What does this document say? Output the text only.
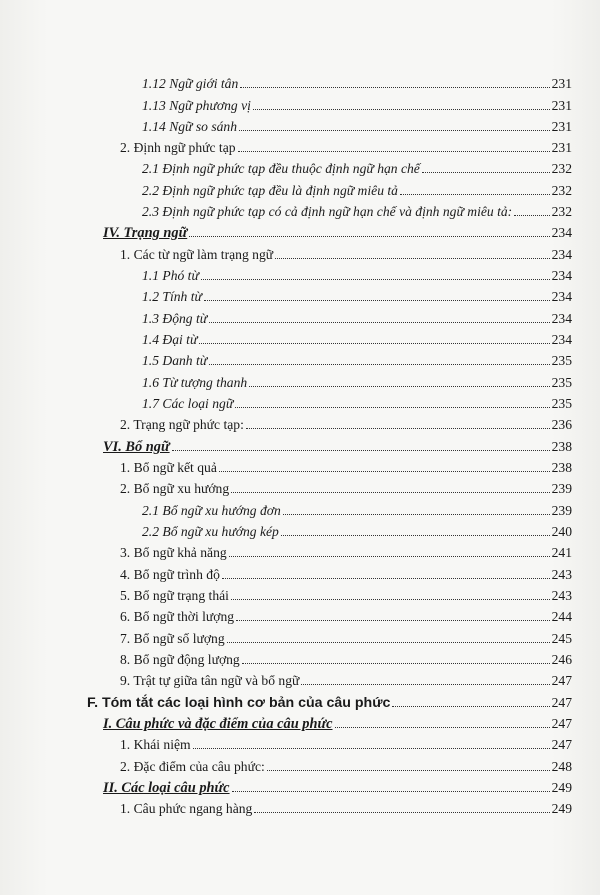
1.12 Ngữ giới tân	231
1.13 Ngữ phương vị	231
1.14 Ngữ so sánh	231
2. Định ngữ phức tạp	231
2.1 Định ngữ phức tạp đều thuộc định ngữ hạn chế	232
2.2 Định ngữ phức tạp đều là định ngữ miêu tả	232
2.3 Định ngữ phức tạp có cả định ngữ hạn chế và định ngữ miêu tả:	232
IV. Trạng ngữ	234
1. Các từ ngữ làm trạng ngữ	234
1.1 Phó từ	234
1.2 Tính từ	234
1.3 Động từ	234
1.4 Đại từ	234
1.5 Danh từ	235
1.6 Từ tượng thanh	235
1.7 Các loại ngữ	235
2. Trạng ngữ phức tạp:	236
VI. Bổ ngữ	238
1. Bổ ngữ kết quả	238
2. Bổ ngữ xu hướng	239
2.1 Bổ ngữ xu hướng đơn	239
2.2 Bổ ngữ xu hướng kép	240
3. Bổ ngữ khả năng	241
4. Bổ ngữ trình độ	243
5. Bổ ngữ trạng thái	243
6. Bổ ngữ thời lượng	244
7. Bổ ngữ số lượng	245
8. Bổ ngữ động lượng	246
9. Trật tự giữa tân ngữ và bổ ngữ	247
F. Tóm tắt các loại hình cơ bản của câu phức	247
I. Câu phức và đặc điểm của câu phức	247
1. Khái niệm	247
2. Đặc điểm của câu phức:	248
II. Các loại câu phức	249
1. Câu phức ngang hàng	249
